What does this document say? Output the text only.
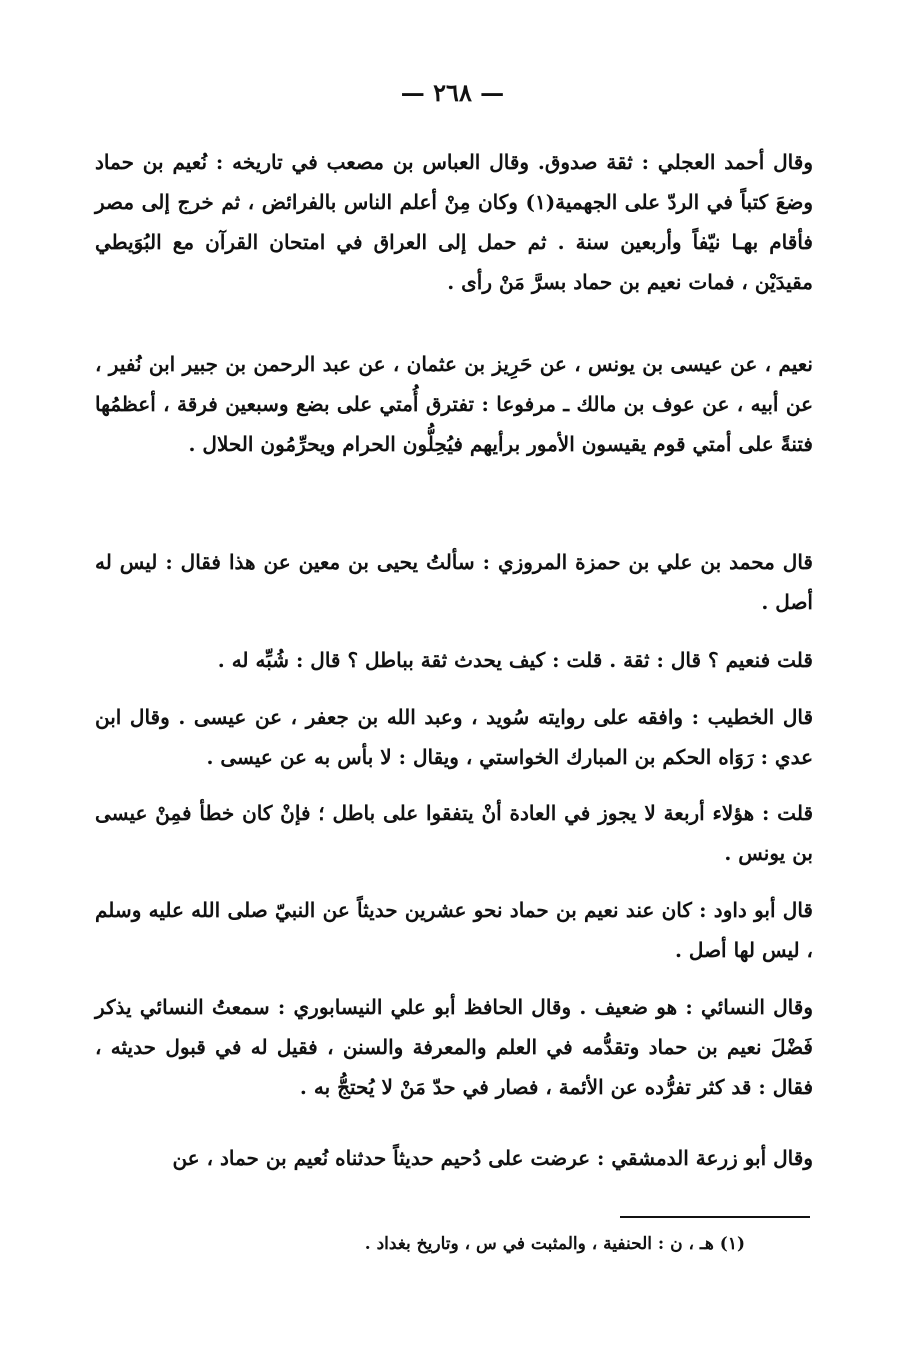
— ٢٦٨ —
وقال أحمد العجلي : ثقة صدوق. وقال العباس بن مصعب في تاريخه : نُعيم بن حماد وضعَ كتباً في الردّ على الجهمية(١) وكان مِنْ أعلم الناس بالفرائض ، ثم خرج إلى مصر فأقام بهـا نيّفاً وأربعين سنة . ثم حمل إلى العراق في امتحان القرآن مع البُوَيطي مقيدَيْن ، فمات نعيم بن حماد بسرَّ مَنْ رأى .
نعيم ، عن عيسى بن يونس ، عن حَرِيز بن عثمان ، عن عبد الرحمن بن جبير ابن نُفير ، عن أبيه ، عن عوف بن مالك ـ مرفوعا : تفترق أُمتي على بضع وسبعين فرقة ، أعظمُها فتنةً على أمتي قوم يقيسون الأمور برأيهم فيُحِلُّون الحرام ويحرِّمُون الحلال .
قال محمد بن علي بن حمزة المروزي : سألتُ يحيى بن معين عن هذا فقال : ليس له أصل .
قلت فنعيم ؟ قال : ثقة . قلت : كيف يحدث ثقة بباطل ؟ قال : شُبِّه له .
قال الخطيب : وافقه على روايته سُويد ، وعبد الله بن جعفر ، عن عيسى . وقال ابن عدي : رَوَاه الحكم بن المبارك الخواستي ، ويقال : لا بأس به عن عيسى .
قلت : هؤلاء أربعة لا يجوز في العادة أنْ يتفقوا على باطل ؛ فإنْ كان خطأ فمِنْ عيسى بن يونس .
قال أبو داود : كان عند نعيم بن حماد نحو عشرين حديثاً عن النبيّ صلى الله عليه وسلم ، ليس لها أصل .
وقال النسائي : هو ضعيف . وقال الحافظ أبو علي النيسابوري : سمعتُ النسائي يذكر فَضْلَ نعيم بن حماد وتقدُّمه في العلم والمعرفة والسنن ، فقيل له في قبول حديثه ، فقال : قد كثر تفرُّده عن الأئمة ، فصار في حدّ مَنْ لا يُحتجُّ به .
وقال أبو زرعة الدمشقي : عرضت على دُحيم حديثاً حدثناه نُعيم بن حماد ، عن
(١) هـ ، ن : الحنفية ، والمثبت في س ، وتاريخ بغداد .
